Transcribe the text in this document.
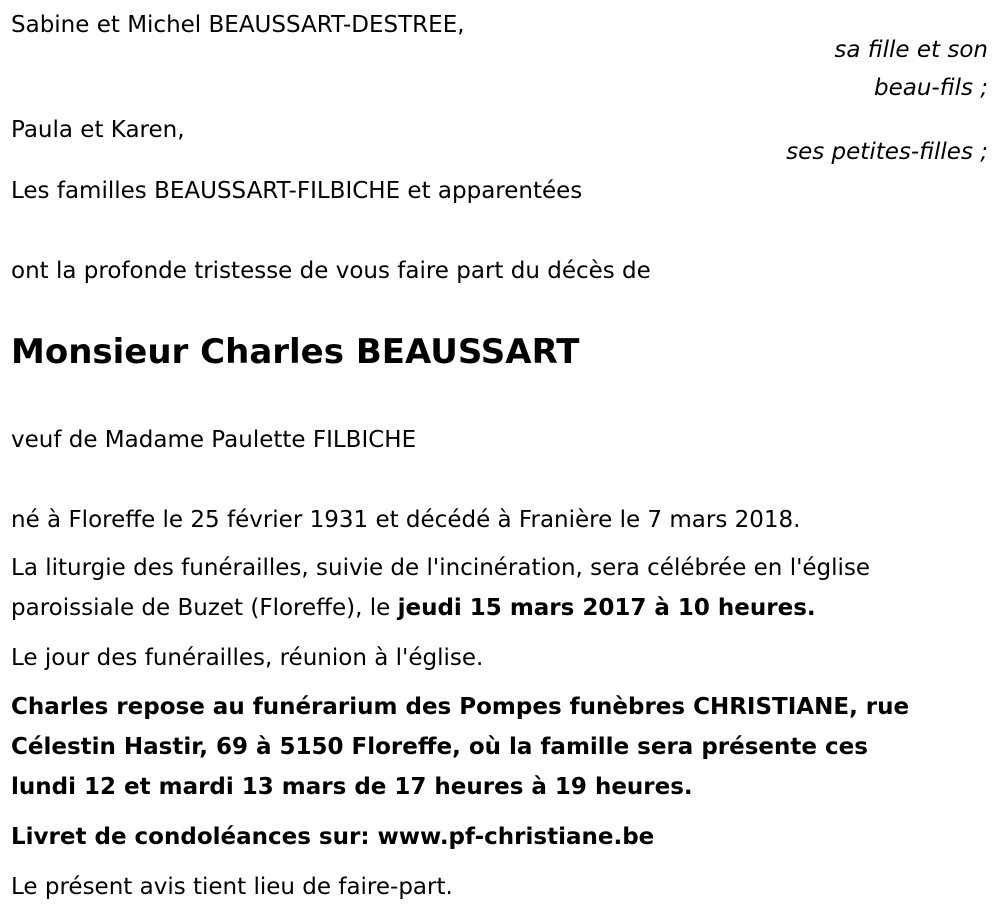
Sabine et Michel BEAUSSART-DESTREE,
sa fille et son
beau-fils ;
Paula et Karen,
ses petites-filles ;
Les familles BEAUSSART-FILBICHE et apparentées
ont la profonde tristesse de vous faire part du décès de
Monsieur Charles BEAUSSART
veuf de Madame Paulette FILBICHE
né à Floreffe le 25 février 1931 et décédé à Franière le 7 mars 2018.
La liturgie des funérailles, suivie de l'incinération, sera célébrée en l'église
paroissiale de Buzet (Floreffe), le jeudi 15 mars 2017 à 10 heures.
Le jour des funérailles, réunion à l'église.
Charles repose au funérarium des Pompes funèbres CHRISTIANE, rue
Célestin Hastir, 69 à 5150 Floreffe, où la famille sera présente ces
lundi 12 et mardi 13 mars de 17 heures à 19 heures.
Livret de condoléances sur: www.pf-christiane.be
Le présent avis tient lieu de faire-part.
